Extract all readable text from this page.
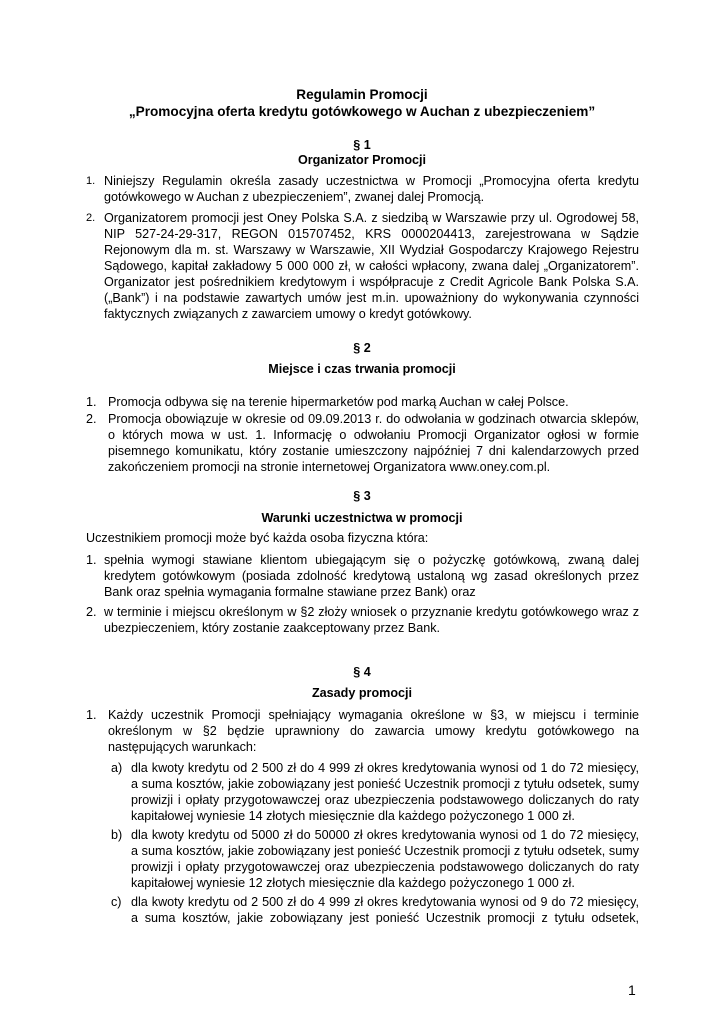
Regulamin Promocji
„Promocyjna oferta kredytu gotówkowego w Auchan z ubezpieczeniem”
§ 1
Organizator Promocji
1. Niniejszy Regulamin określa zasady uczestnictwa w Promocji „Promocyjna oferta kredytu gotówkowego w Auchan z ubezpieczeniem”, zwanej dalej Promocją.
2. Organizatorem promocji jest Oney Polska S.A. z siedzibą w Warszawie przy ul. Ogrodowej 58, NIP 527-24-29-317, REGON 015707452, KRS 0000204413, zarejestrowana w Sądzie Rejonowym dla m. st. Warszawy w Warszawie, XII Wydział Gospodarczy Krajowego Rejestru Sądowego, kapitał zakładowy 5 000 000 zł, w całości wpłacony, zwana dalej „Organizatorem”. Organizator jest pośrednikiem kredytowym i współpracuje z Credit Agricole Bank Polska S.A. („Bank”) i na podstawie zawartych umów jest m.in. upoważniony do wykonywania czynności faktycznych związanych z zawarciem umowy o kredyt gotówkowy.
§ 2
Miejsce i czas trwania promocji
1. Promocja odbywa się na terenie hipermarketów pod marką Auchan w całej Polsce.
2. Promocja obowiązuje w okresie od 09.09.2013 r. do odwołania w godzinach otwarcia sklepów, o których mowa w ust. 1. Informację o odwołaniu Promocji Organizator ogłosi w formie pisemnego komunikatu, który zostanie umieszczony najpóźniej 7 dni kalendarzowych przed zakończeniem promocji na stronie internetowej Organizatora www.oney.com.pl.
§ 3
Warunki uczestnictwa w promocji
Uczestnikiem promocji może być każda osoba fizyczna która:
1. spełnia wymogi stawiane klientom ubiegającym się o pożyczkę gotówkową, zwaną dalej kredytem gotówkowym (posiada zdolność kredytową ustaloną wg zasad określonych przez Bank oraz spełnia wymagania formalne stawiane przez Bank) oraz
2. w terminie i miejscu określonym w §2 złoży wniosek o przyznanie kredytu gotówkowego wraz z ubezpieczeniem, który zostanie zaakceptowany przez Bank.
§ 4
Zasady promocji
1. Każdy uczestnik Promocji spełniający wymagania określone w §3, w miejscu i terminie określonym w §2 będzie uprawniony do zawarcia umowy kredytu gotówkowego na następujących warunkach:
a) dla kwoty kredytu od 2 500 zł do 4 999 zł okres kredytowania wynosi od 1 do 72 miesięcy, a suma kosztów, jakie zobowiązany jest ponieść Uczestnik promocji z tytułu odsetek, sumy prowizji i opłaty przygotowawczej oraz ubezpieczenia podstawowego doliczanych do raty kapitałowej wyniesie 14 złotych miesięcznie dla każdego pożyczonego 1 000 zł.
b) dla kwoty kredytu od 5000 zł do 50000 zł okres kredytowania wynosi od 1 do 72 miesięcy, a suma kosztów, jakie zobowiązany jest ponieść Uczestnik promocji z tytułu odsetek, sumy prowizji i opłaty przygotowawczej oraz ubezpieczenia podstawowego doliczanych do raty kapitałowej wyniesie 12 złotych miesięcznie dla każdego pożyczonego 1 000 zł.
c) dla kwoty kredytu od 2 500 zł do 4 999 zł okres kredytowania wynosi od 9 do 72 miesięcy, a suma kosztów, jakie zobowiązany jest ponieść Uczestnik promocji z tytułu odsetek,
1
